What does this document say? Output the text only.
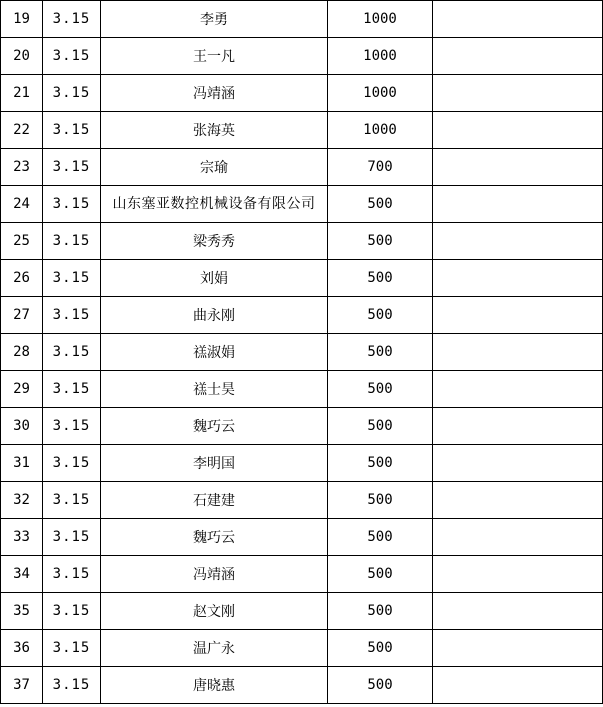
19	3.15	李勇	1000	
20	3.15	王一凡	1000	
21	3.15	冯靖涵	1000	
22	3.15	张海英	1000	
23	3.15	宗瑜	700	
24	3.15	山东塞亚数控机械设备有限公司	500	
25	3.15	梁秀秀	500	
26	3.15	刘娟	500	
27	3.15	曲永刚	500	
28	3.15	禚淑娟	500	
29	3.15	禚士昊	500	
30	3.15	魏巧云	500	
31	3.15	李明国	500	
32	3.15	石建建	500	
33	3.15	魏巧云	500	
34	3.15	冯靖涵	500	
35	3.15	赵文刚	500	
36	3.15	温广永	500	
37	3.15	唐晓惠	500	
